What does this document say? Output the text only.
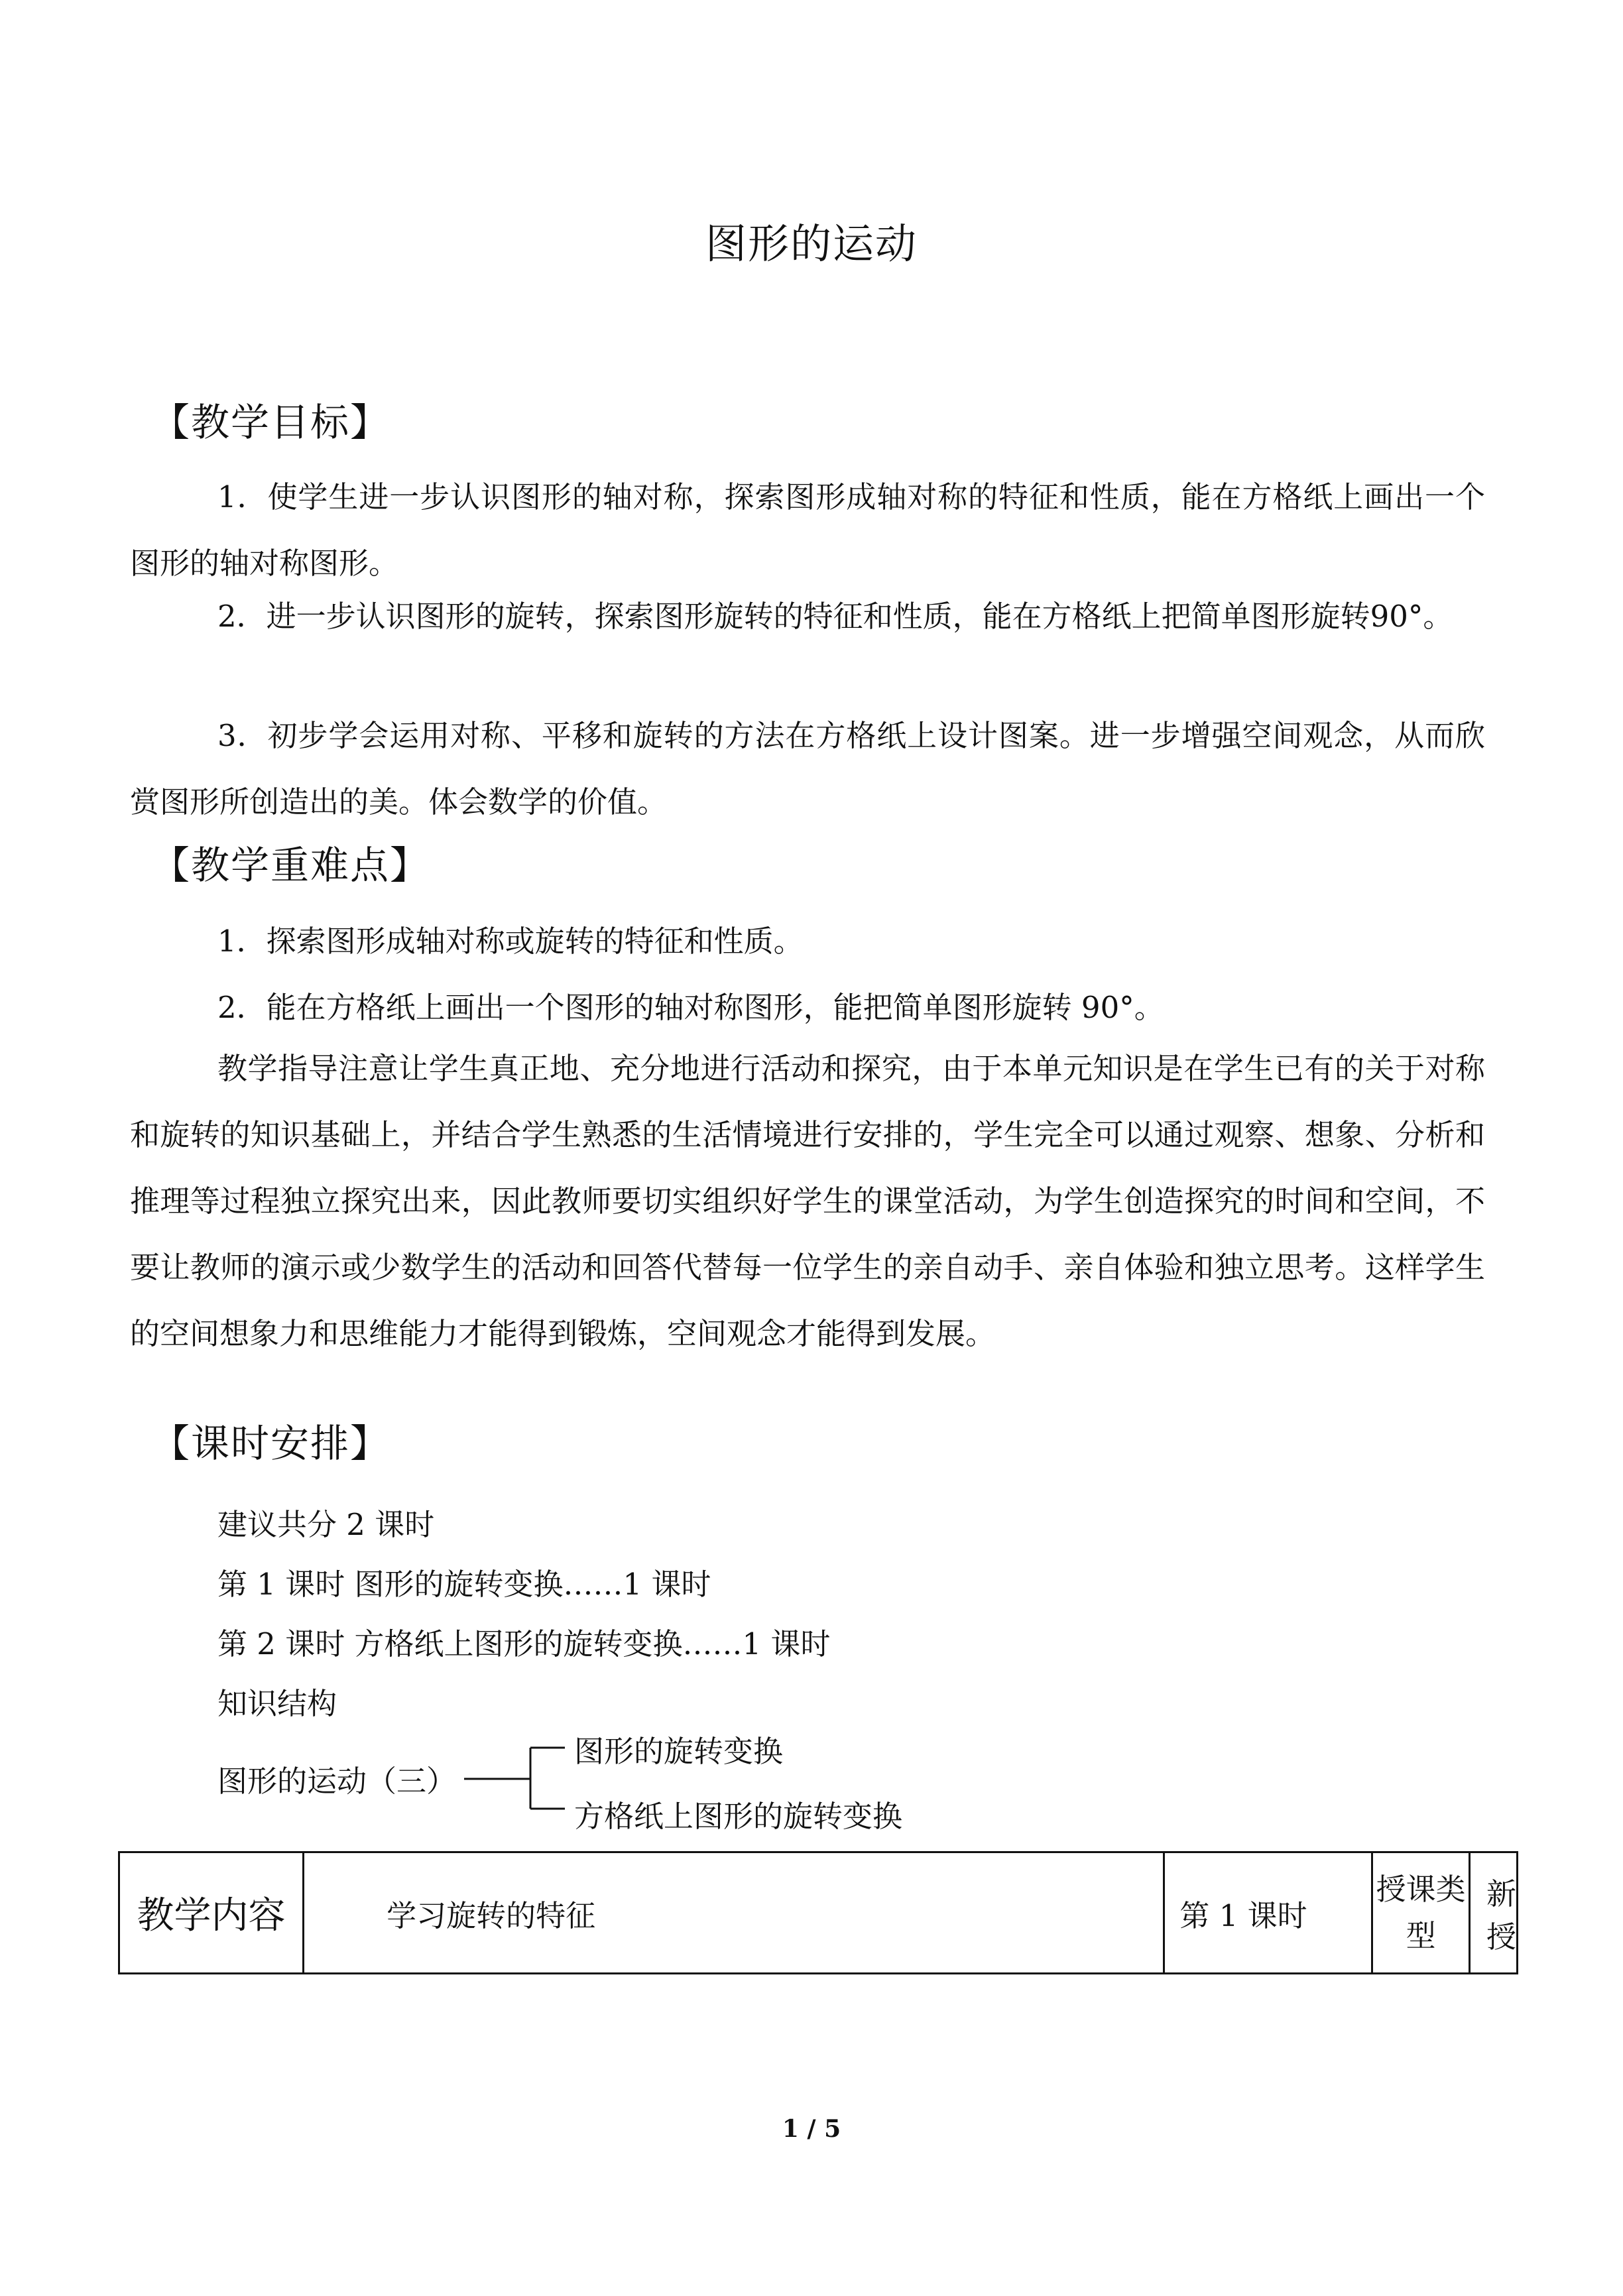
图形的运动
【教学目标】

1．使学生进一步认识图形的轴对称，探索图形成轴对称的特征和性质，能在方格纸上画出一个图形的轴对称图形。

2．进一步认识图形的旋转，探索图形旋转的特征和性质，能在方格纸上把简单图形旋转90°。

3．初步学会运用对称、平移和旋转的方法在方格纸上设计图案。进一步增强空间观念，从而欣赏图形所创造出的美。体会数学的价值。

【教学重难点】

1．探索图形成轴对称或旋转的特征和性质。

2．能在方格纸上画出一个图形的轴对称图形，能把简单图形旋转 90°。

教学指导注意让学生真正地、充分地进行活动和探究，由于本单元知识是在学生已有的关于对称和旋转的知识基础上，并结合学生熟悉的生活情境进行安排的，学生完全可以通过观察、想象、分析和推理等过程独立探究出来，因此教师要切实组织好学生的课堂活动，为学生创造探究的时间和空间，不要让教师的演示或少数学生的活动和回答代替每一位学生的亲自动手、亲自体验和独立思考。这样学生的空间想象力和思维能力才能得到锻炼，空间观念才能得到发展。

【课时安排】
建议共分 2 课时
第 1 课时 图形的旋转变换……1 课时
第 2 课时 方格纸上图形的旋转变换……1 课时
知识结构
图形的运动（三）
图形的旋转变换
方格纸上图形的旋转变换
教学内容	学习旋转的特征	第 1 课时	授课类型	新授
1 / 5
